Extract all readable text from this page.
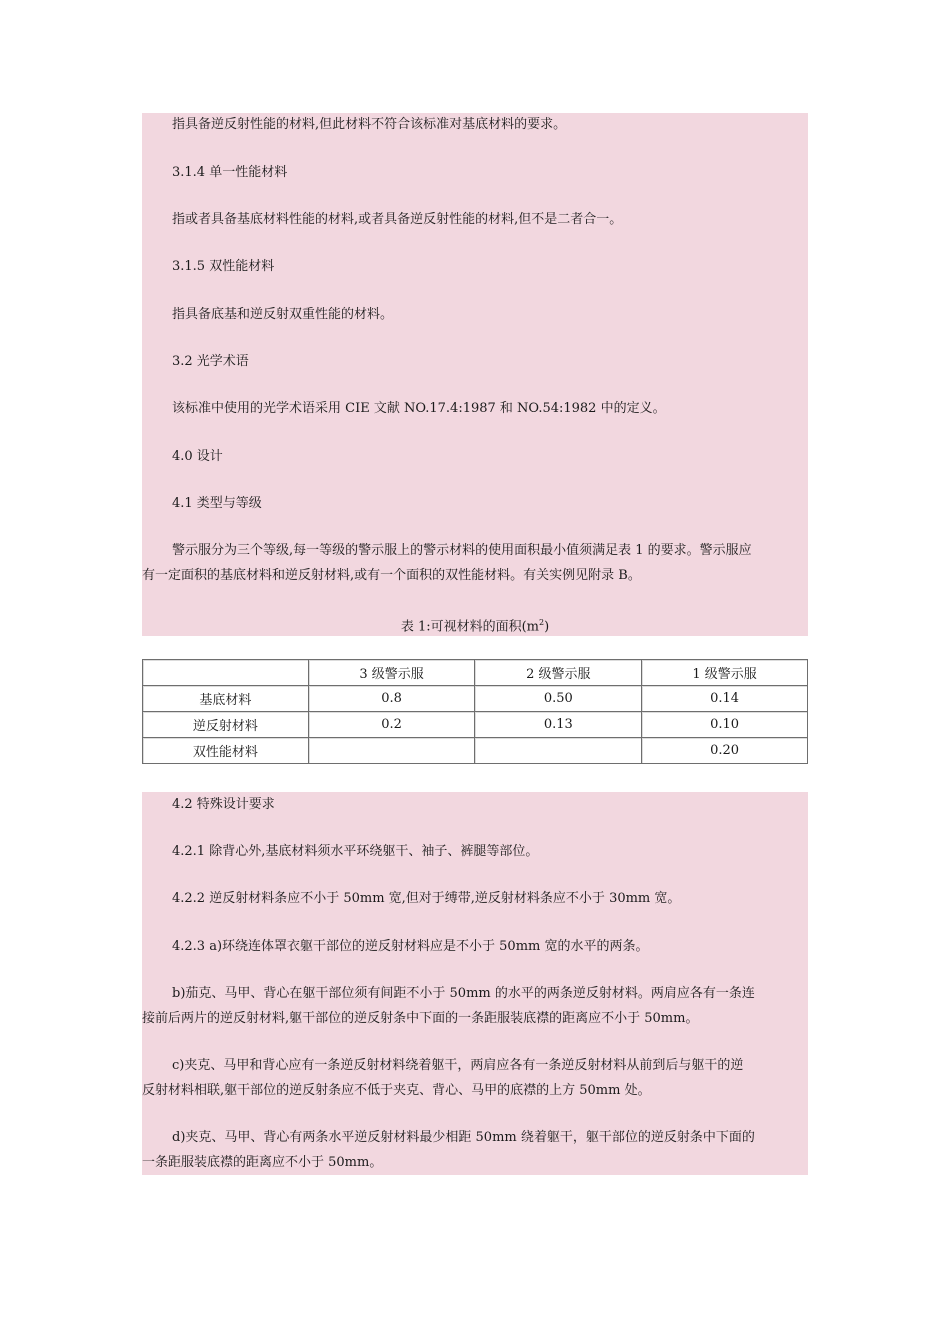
指具备逆反射性能的材料,但此材料不符合该标准对基底材料的要求。
3.1.4 单一性能材料
指或者具备基底材料性能的材料,或者具备逆反射性能的材料,但不是二者合一。
3.1.5 双性能材料
指具备底基和逆反射双重性能的材料。
3.2 光学术语
该标准中使用的光学术语采用 CIE 文献 NO.17.4:1987 和 NO.54:1982 中的定义。
4.0 设计
4.1 类型与等级
警示服分为三个等级,每一等级的警示服上的警示材料的使用面积最小值须满足表 1 的要求。警示服应
有一定面积的基底材料和逆反射材料,或有一个面积的双性能材料。有关实例见附录 B。
表 1:可视材料的面积$(m^2)$
	3 级警示服	2 级警示服	1 级警示服
基底材料	0.8	0.50	0.14
逆反射材料	0.2	0.13	0.10
双性能材料			0.20
4.2 特殊设计要求
4.2.1 除背心外,基底材料须水平环绕躯干、袖子、裤腿等部位。
4.2.2 逆反射材料条应不小于 50mm 宽,但对于缚带,逆反射材料条应不小于 30mm 宽。
4.2.3 a)环绕连体罩衣躯干部位的逆反射材料应是不小于 50mm 宽的水平的两条。
b)茄克、马甲、背心在躯干部位须有间距不小于 50mm 的水平的两条逆反射材料。两肩应各有一条连
接前后两片的逆反射材料,躯干部位的逆反射条中下面的一条距服装底襟的距离应不小于 50mm。
c)夹克、马甲和背心应有一条逆反射材料绕着躯干，两肩应各有一条逆反射材料从前到后与躯干的逆
反射材料相联,躯干部位的逆反射条应不低于夹克、背心、马甲的底襟的上方 50mm 处。
d)夹克、马甲、背心有两条水平逆反射材料最少相距 50mm 绕着躯干，躯干部位的逆反射条中下面的
一条距服装底襟的距离应不小于 50mm。
